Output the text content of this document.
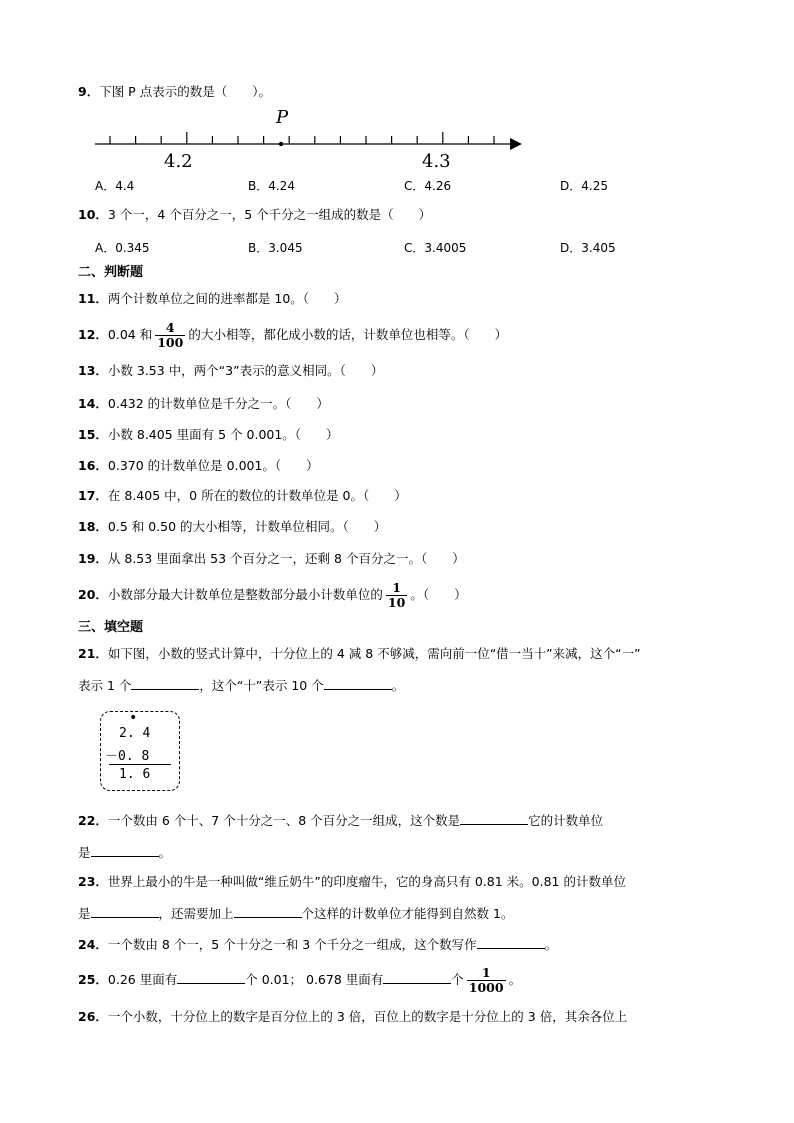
9．下图 P 点表示的数是（　　）。
P
4.2	4.3
A．4.4	B．4.24	C．4.26	D．4.25
10．3 个一，4 个百分之一，5 个千分之一组成的数是（　　）
A．0.345	B．3.045	C．3.4005	D．3.405
二、判断题
11．两个计数单位之间的进率都是 10。（　　）
12．0.04 和 $\frac{4}{100}$ 的大小相等，都化成小数的话，计数单位也相等。（　　）
13．小数 3.53 中，两个“3”表示的意义相同。（　　）
14．0.432 的计数单位是千分之一。（　　）
15．小数 8.405 里面有 5 个 0.001。（　　）
16．0.370 的计数单位是 0.001。（　　）
17．在 8.405 中，0 所在的数位的计数单位是 0。（　　）
18．0.5 和 0.50 的大小相等，计数单位相同。（　　）
19．从 8.53 里面拿出 53 个百分之一，还剩 8 个百分之一。（　　）
20．小数部分最大计数单位是整数部分最小计数单位的 $\frac{1}{10}$ 。（　　）
三、填空题
21．如下图，小数的竖式计算中，十分位上的 4 减 8 不够减，需向前一位“借一当十”来减，这个“一”
表示 1 个	，这个“十”表示 10 个	。
•
2. 4
－0. 8
1. 6
22．一个数由 6 个十、7 个十分之一、8 个百分之一组成，这个数是	它的计数单位
是	。
23．世界上最小的牛是一种叫做“维丘奶牛”的印度瘤牛，它的身高只有 0.81 米。0.81 的计数单位
是	，还需要加上	个这样的计数单位才能得到自然数 1。
24．一个数由 8 个一，5 个十分之一和 3 个千分之一组成，这个数写作	。
25．0.26 里面有	个 0.01； 0.678 里面有	个 $\frac{1}{1000}$ 。
26．一个小数，十分位上的数字是百分位上的 3 倍，百位上的数字是十分位上的 3 倍，其余各位上
